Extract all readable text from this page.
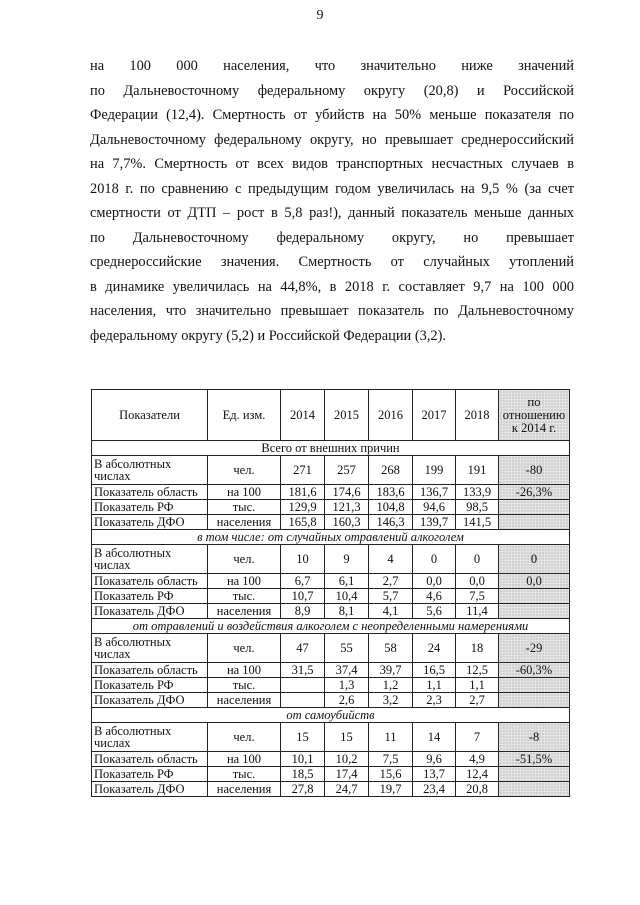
9
на 100 000 населения, что значительно ниже значений
по Дальневосточному федеральному округу (20,8) и Российской
Федерации (12,4). Смертность от убийств на 50% меньше показателя по
Дальневосточному федеральному округу, но превышает среднероссийский
на 7,7%. Смертность от всех видов транспортных несчастных случаев в
2018 г. по сравнению с предыдущим годом увеличилась на 9,5 % (за счет
смертности от ДТП – рост в 5,8 раз!), данный показатель меньше данных
по Дальневосточному федеральному округу, но превышает
среднероссийские значения. Смертность от случайных утоплений
в динамике увеличилась на 44,8%, в 2018 г. составляет 9,7 на 100 000
населения, что значительно превышает показатель по Дальневосточному
федеральному округу (5,2) и Российской Федерации (3,2).
Показатели	Ед. изм.	2014	2015	2016	2017	2018	по отношению к 2014 г.
Всего от внешних причин							
В абсолютных числах	чел.	271	257	268	199	191	-80
Показатель область	на 100	181,6	174,6	183,6	136,7	133,9	-26,3%
Показатель РФ	тыс.	129,9	121,3	104,8	94,6	98,5	
Показатель ДФО	населения	165,8	160,3	146,3	139,7	141,5	
в том числе: от случайных отравлений алкоголем							
В абсолютных числах	чел.	10	9	4	0	0	0
Показатель область	на 100	6,7	6,1	2,7	0,0	0,0	0,0
Показатель РФ	тыс.	10,7	10,4	5,7	4,6	7,5	
Показатель ДФО	населения	8,9	8,1	4,1	5,6	11,4	
от отравлений и воздействия алкоголем с неопределенными намерениями							
В абсолютных числах	чел.	47	55	58	24	18	-29
Показатель область	на 100	31,5	37,4	39,7	16,5	12,5	-60,3%
Показатель РФ	тыс.		1,3	1,2	1,1	1,1	
Показатель ДФО	населения		2,6	3,2	2,3	2,7	
от самоубийств							
В абсолютных числах	чел.	15	15	11	14	7	-8
Показатель область	на 100	10,1	10,2	7,5	9,6	4,9	-51,5%
Показатель РФ	тыс.	18,5	17,4	15,6	13,7	12,4	
Показатель ДФО	населения	27,8	24,7	19,7	23,4	20,8	
